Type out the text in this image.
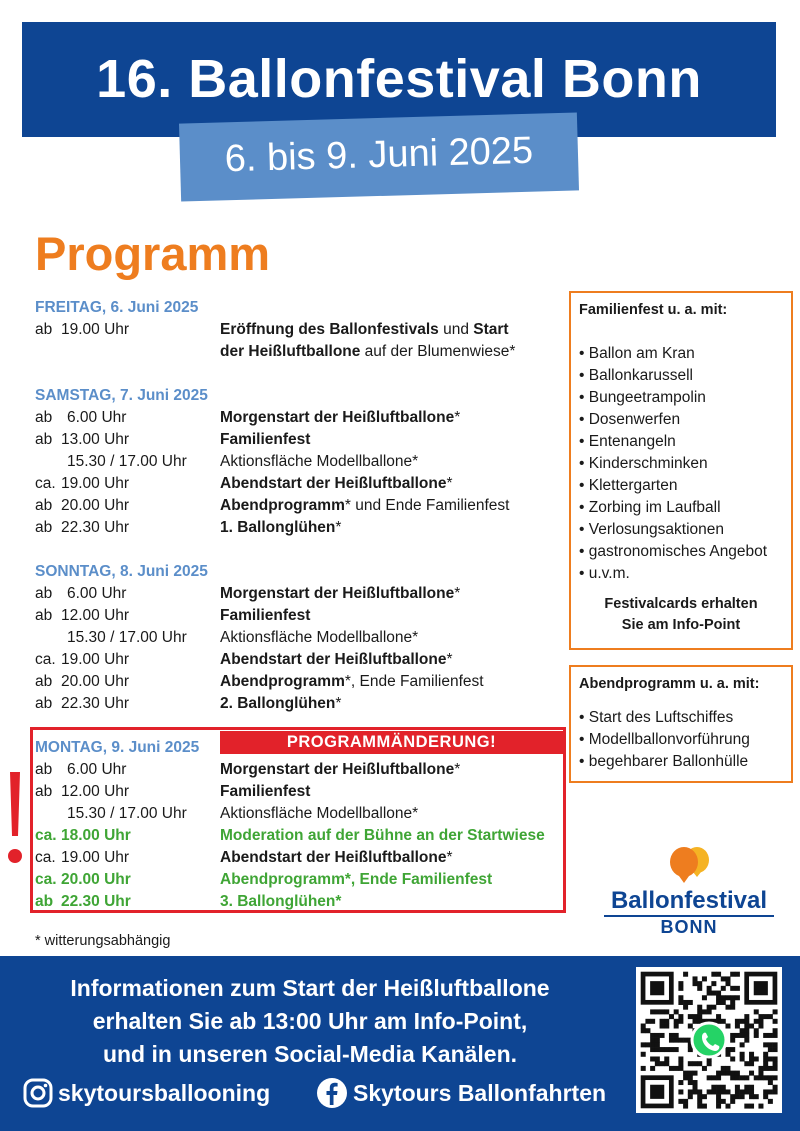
16. Ballonfestival Bonn
6. bis 9. Juni 2025
Programm
FREITAG, 6. Juni 2025
ab 19.00 Uhr	Eröffnung des Ballonfestivals und Start
der Heißluftballone auf der Blumenwiese*
SAMSTAG, 7. Juni 2025
ab 6.00 Uhr	Morgenstart der Heißluftballone*
ab 13.00 Uhr	Familienfest
15.30 / 17.00 Uhr	Aktionsfläche Modellballone*
ca. 19.00 Uhr	Abendstart der Heißluftballone*
ab 20.00 Uhr	Abendprogramm* und Ende Familienfest
ab 22.30 Uhr	1. Ballonglühen*
SONNTAG, 8. Juni 2025
ab 6.00 Uhr	Morgenstart der Heißluftballone*
ab 12.00 Uhr	Familienfest
15.30 / 17.00 Uhr	Aktionsfläche Modellballone*
ca. 19.00 Uhr	Abendstart der Heißluftballone*
ab 20.00 Uhr	Abendprogramm*, Ende Familienfest
ab 22.30 Uhr	2. Ballonglühen*
PROGRAMMÄNDERUNG!
MONTAG, 9. Juni 2025
ab 6.00 Uhr	Morgenstart der Heißluftballone*
ab 12.00 Uhr	Familienfest
15.30 / 17.00 Uhr	Aktionsfläche Modellballone*
ca. 18.00 Uhr	Moderation auf der Bühne an der Startwiese
ca. 19.00 Uhr	Abendstart der Heißluftballone*
ca. 20.00 Uhr	Abendprogramm*, Ende Familienfest
ab 22.30 Uhr	3. Ballonglühen*
* witterungsabhängig
Familienfest u. a. mit:
• Ballon am Kran
• Ballonkarussell
• Bungeetrampolin
• Dosenwerfen
• Entenangeln
• Kinderschminken
• Klettergarten
• Zorbing im Laufball
• Verlosungsaktionen
• gastronomisches Angebot
• u.v.m.
Festivalcards erhalten
Sie am Info-Point
Abendprogramm u. a. mit:
• Start des Luftschiffes
• Modellballonvorführung
• begehbarer Ballonhülle
Ballonfestival
BONN
Informationen zum Start der Heißluftballone
erhalten Sie ab 13:00 Uhr am Info-Point,
und in unseren Social-Media Kanälen.
skytoursballooning	Skytours Ballonfahrten
